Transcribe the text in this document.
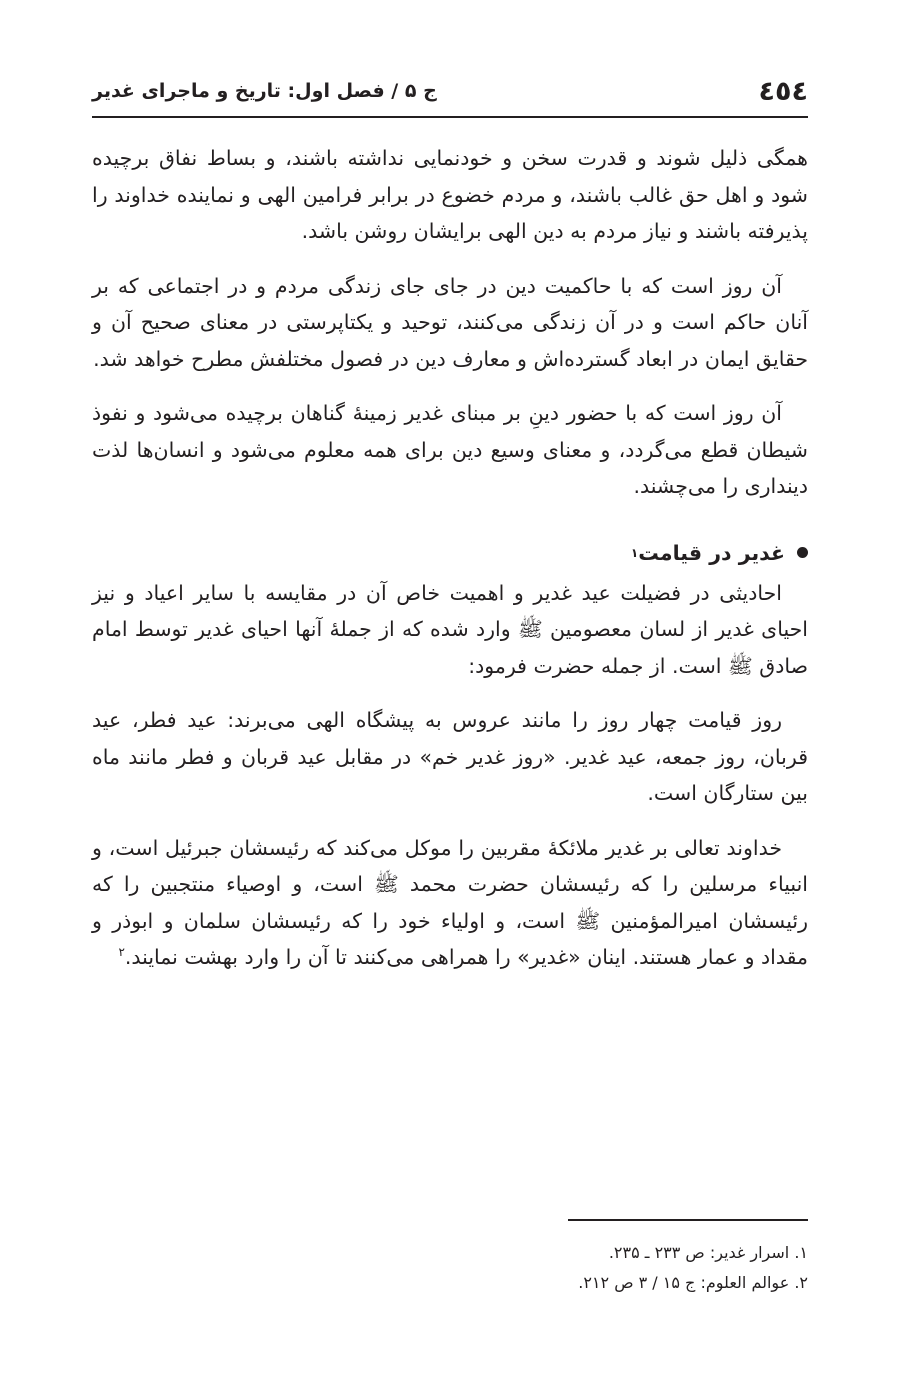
٤٥٤
ج ۵ / فصل اول: تاریخ و ماجرای غدیر

همگی ذلیل شوند و قدرت سخن و خودنمایی نداشته باشند، و بساط نفاق برچیده شود و اهل حق غالب باشند، و مردم خضوع در برابر فرامین الهی و نماینده خداوند را پذیرفته باشند و نیاز مردم به دین الهی برایشان روشن باشد.

آن روز است که با حاکمیت دین در جای جای زندگی مردم و در اجتماعی که بر آنان حاکم است و در آن زندگی می‌کنند، توحید و یکتاپرستی در معنای صحیح آن و حقایق ایمان در ابعاد گسترده‌اش و معارف دین در فصول مختلفش مطرح خواهد شد.

آن روز است که با حضور دینِ بر مبنای غدیر زمینهٔ گناهان برچیده می‌شود و نفوذ شیطان قطع می‌گردد، و معنای وسیع دین برای همه معلوم می‌شود و انسان‌ها لذت دینداری را می‌چشند.

غدیر در قیامت
۱

احادیثی در فضیلت عید غدیر و اهمیت خاص آن در مقایسه با سایر اعیاد و نیز احیای غدیر از لسان معصومین ﷺ وارد شده که از جملهٔ آنها احیای غدیر توسط امام صادق ﷺ است. از جمله حضرت فرمود:

روز قیامت چهار روز را مانند عروس به پیشگاه الهی می‌برند: عید فطر، عید قربان، روز جمعه، عید غدیر. «روز غدیر خم» در مقابل عید قربان و فطر مانند ماه بین ستارگان است.

خداوند تعالی بر غدیر ملائکهٔ مقربین را موکل می‌کند که رئیسشان جبرئیل است، و انبیاء مرسلین را که رئیسشان حضرت محمد ﷺ است، و اوصیاء منتجبین را که رئیسشان امیرالمؤمنین ﷺ است، و اولیاء خود را که رئیسشان سلمان و ابوذر و مقداد و عمار هستند. اینان «غدیر» را همراهی می‌کنند تا آن را وارد بهشت نمایند.$^۲$

۱. اسرار غدیر: ص ۲۳۳ ـ ۲۳۵.
۲. عوالم العلوم: ج ۱۵ / ۳ ص ۲۱۲.
